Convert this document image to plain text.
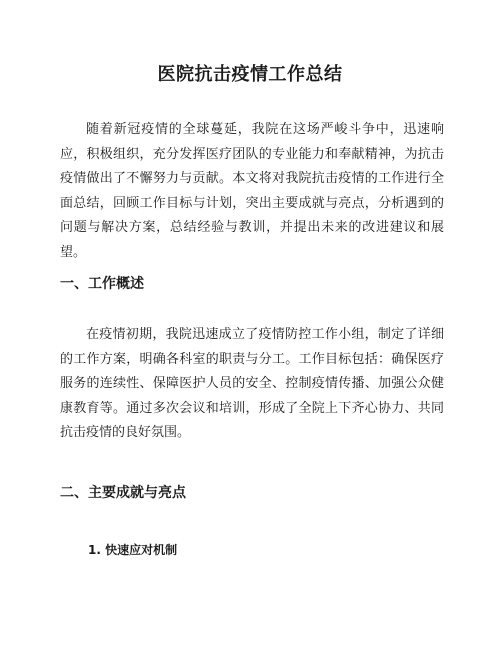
医院抗击疫情工作总结

随着新冠疫情的全球蔓延，我院在这场严峻斗争中，迅速响应，积极组织，充分发挥医疗团队的专业能力和奉献精神，为抗击疫情做出了不懈努力与贡献。本文将对我院抗击疫情的工作进行全面总结，回顾工作目标与计划，突出主要成就与亮点，分析遇到的问题与解决方案，总结经验与教训，并提出未来的改进建议和展望。

一、工作概述

在疫情初期，我院迅速成立了疫情防控工作小组，制定了详细的工作方案，明确各科室的职责与分工。工作目标包括：确保医疗服务的连续性、保障医护人员的安全、控制疫情传播、加强公众健康教育等。通过多次会议和培训，形成了全院上下齐心协力、共同抗击疫情的良好氛围。

二、主要成就与亮点
1. 快速应对机制
